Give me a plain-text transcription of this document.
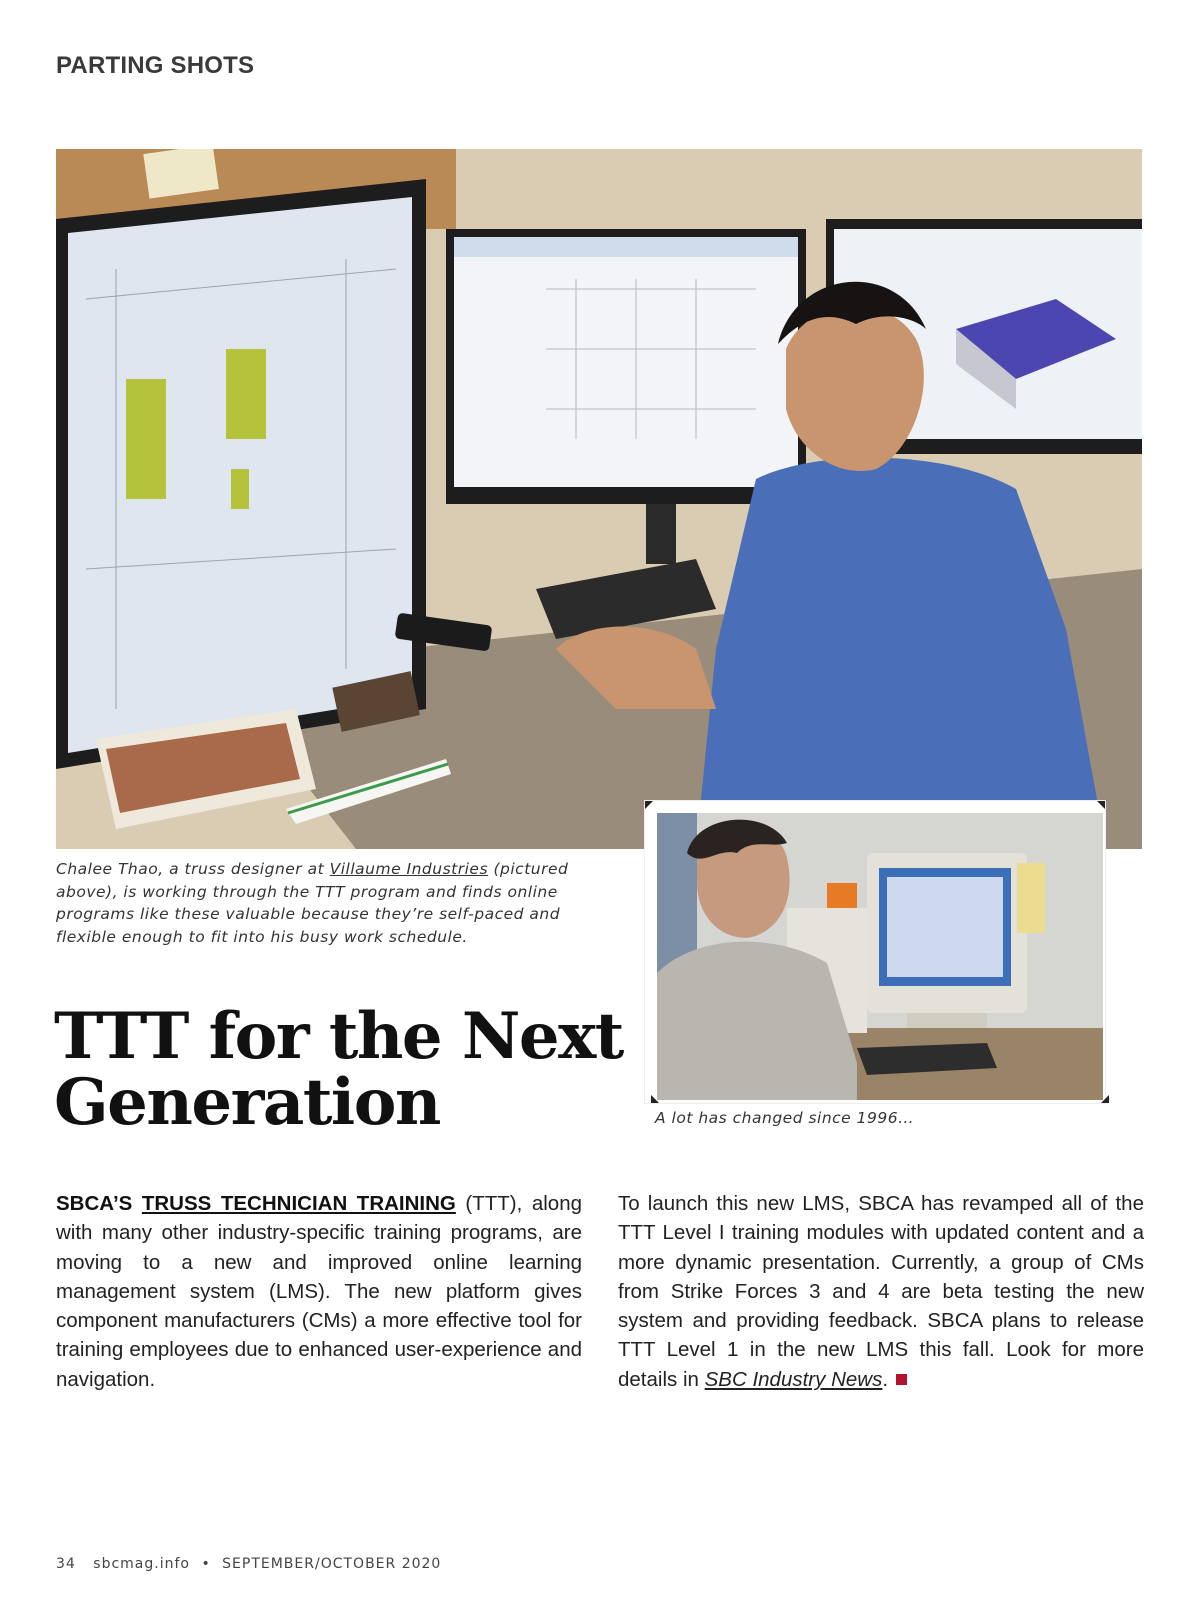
PARTING SHOTS
Chalee Thao, a truss designer at Villaume Industries (pictured above), is working through the TTT program and finds online programs like these valuable because they’re self-paced and flexible enough to fit into his busy work schedule.
A lot has changed since 1996…
TTT for the Next Generation
SBCA’S TRUSS TECHNICIAN TRAINING (TTT), along with many other industry-specific training programs, are moving to a new and improved online learning management system (LMS). The new platform gives component manufacturers (CMs) a more effective tool for training employees due to enhanced user-experience and navigation.
To launch this new LMS, SBCA has revamped all of the TTT Level I training modules with updated content and a more dynamic presentation. Currently, a group of CMs from Strike Forces 3 and 4 are beta testing the new system and providing feedback. SBCA plans to release TTT Level 1 in the new LMS this fall. Look for more details in SBC Industry News.
34 sbcmag.info • SEPTEMBER/OCTOBER 2020
